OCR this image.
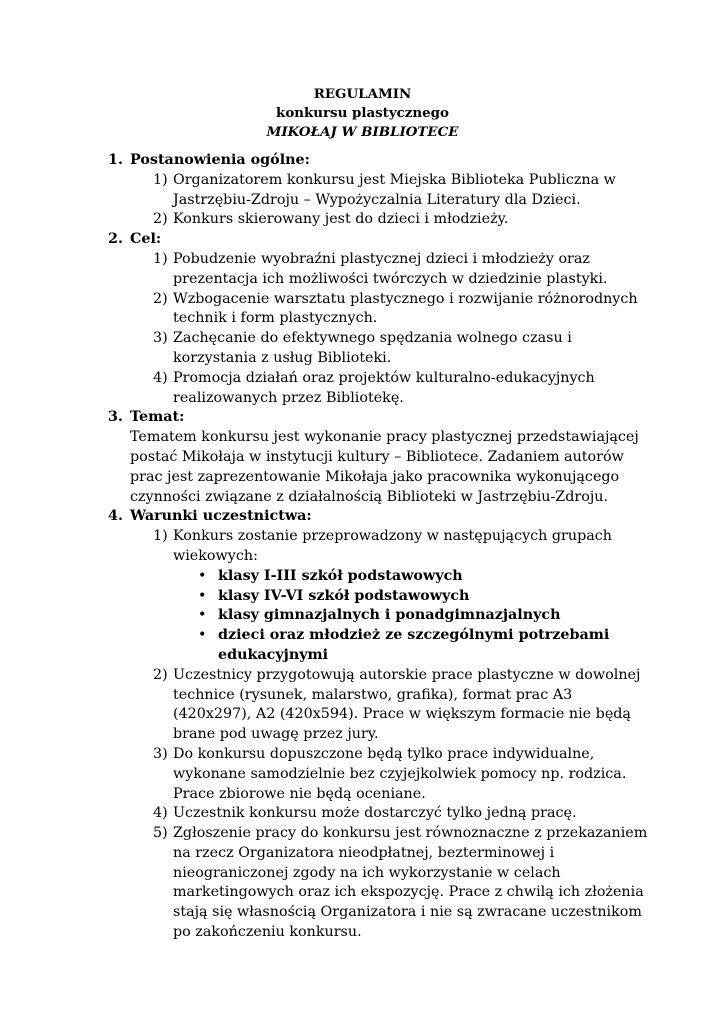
REGULAMIN
konkursu plastycznego
MIKOŁAJ W BIBLIOTECE
1. Postanowienia ogólne:
1) Organizatorem konkursu jest Miejska Biblioteka Publiczna w Jastrzębiu-Zdroju – Wypożyczalnia Literatury dla Dzieci.
2) Konkurs skierowany jest do dzieci i młodzieży.
2. Cel:
1) Pobudzenie wyobraźni plastycznej dzieci i młodzieży oraz prezentacja ich możliwości twórczych w dziedzinie plastyki.
2) Wzbogacenie warsztatu plastycznego i rozwijanie różnorodnych technik i form plastycznych.
3) Zachęcanie do efektywnego spędzania wolnego czasu i korzystania z usług Biblioteki.
4) Promocja działań oraz projektów kulturalno-edukacyjnych realizowanych przez Bibliotekę.
3. Temat:
Tematem konkursu jest wykonanie pracy plastycznej przedstawiającej postać Mikołaja w instytucji kultury – Bibliotece. Zadaniem autorów prac jest zaprezentowanie Mikołaja jako pracownika wykonującego czynności związane z działalnością Biblioteki w Jastrzębiu-Zdroju.
4. Warunki uczestnictwa:
1) Konkurs zostanie przeprowadzony w następujących grupach wiekowych:
• klasy I-III szkół podstawowych
• klasy IV-VI szkół podstawowych
• klasy gimnazjalnych i ponadgimnazjalnych
• dzieci oraz młodzież ze szczególnymi potrzebami edukacyjnymi
2) Uczestnicy przygotowują autorskie prace plastyczne w dowolnej technice (rysunek, malarstwo, grafika), format prac A3 (420x297), A2 (420x594). Prace w większym formacie nie będą brane pod uwagę przez jury.
3) Do konkursu dopuszczone będą tylko prace indywidualne, wykonane samodzielnie bez czyjejkolwiek pomocy np. rodzica. Prace zbiorowe nie będą oceniane.
4) Uczestnik konkursu może dostarczyć tylko jedną pracę.
5) Zgłoszenie pracy do konkursu jest równoznaczne z przekazaniem na rzecz Organizatora nieodpłatnej, bezterminowej i nieograniczonej zgody na ich wykorzystanie w celach marketingowych oraz ich ekspozycję. Prace z chwilą ich złożenia stają się własnością Organizatora i nie są zwracane uczestnikom po zakończeniu konkursu.
